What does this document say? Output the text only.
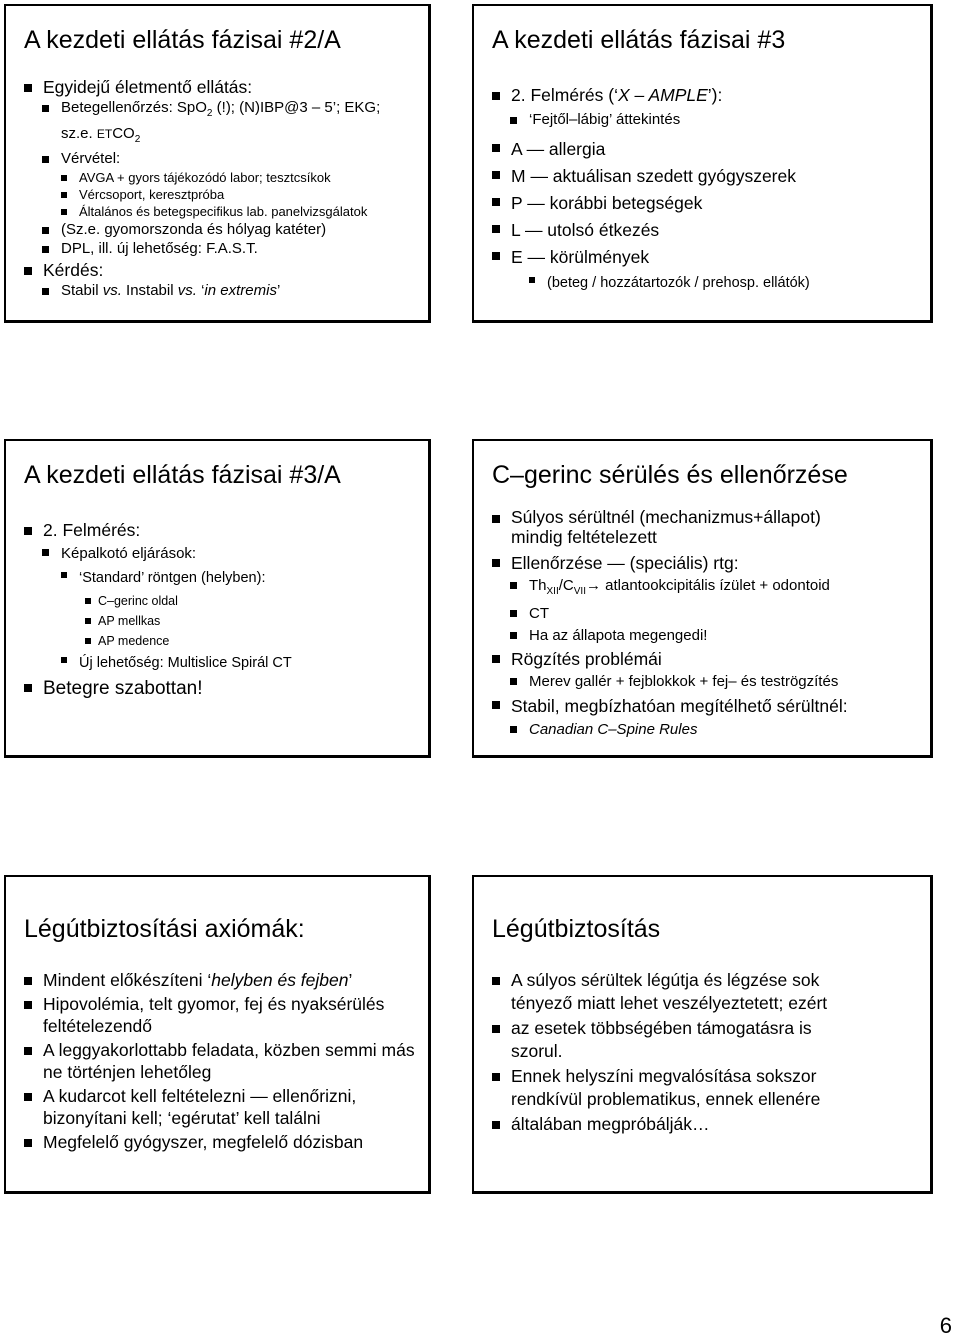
A kezdeti ellátás fázisai #2/A
Egyidejű életmentő ellátás:
Betegellenőrzés: SpO$_2$ (!); (N)IBP@3 – 5’; EKG;
sz.e. $ETCO_2$
Vérvétel:
AVGA + gyors tájékozódó labor; tesztcsíkok
Vércsoport, keresztpróba
Általános és betegspecifikus lab. panelvizsgálatok
(Sz.e. gyomorszonda és hólyag katéter)
DPL, ill. új lehetőség: F.A.S.T.
Kérdés:
Stabil vs. Instabil vs. ‘in extremis’
A kezdeti ellátás fázisai #3
2. Felmérés (‘X – AMPLE’):
‘Fejtől–lábig’ áttekintés
A — allergia
M — aktuálisan szedett gyógyszerek
P — korábbi betegségek
L — utolsó étkezés
E — körülmények
(beteg / hozzátartozók / prehosp. ellátók)
A kezdeti ellátás fázisai #3/A
2. Felmérés:
Képalkotó eljárások:
‘Standard’ röntgen (helyben):
C–gerinc oldal
AP mellkas
AP medence
Új lehetőség: Multislice Spirál CT
Betegre szabottan!
C–gerinc sérülés és ellenőrzése
Súlyos sérültnél (mechanizmus+állapot) mindig feltételezett
Ellenőrzése — (speciális) rtg:
$Th_{XII}/C_{VII}\to$ atlantookcipitális ízület + odontoid
CT
Ha az állapota megengedi!
Rögzítés problémái
Merev gallér + fejblokkok + fej– és teströgzítés
Stabil, megbízhatóan megítélhető sérültnél:
Canadian C–Spine Rules
Légútbiztosítási axiómák:
Mindent előkészíteni ‘helyben és fejben’
Hipovolémia, telt gyomor, fej és nyaksérülés feltételezendő
A leggyakorlottabb feladata, közben semmi más ne történjen lehetőleg
A kudarcot kell feltételezni — ellenőrizni, bizonyítani kell; ‘egérutat’ kell találni
Megfelelő gyógyszer, megfelelő dózisban
Légútbiztosítás
A súlyos sérültek légútja és légzése sok tényező miatt lehet veszélyeztetett; ezért
az esetek többségében támogatásra is szorul.
Ennek helyszíni megvalósítása sokszor rendkívül problematikus, ennek ellenére
általában megpróbálják…
6
